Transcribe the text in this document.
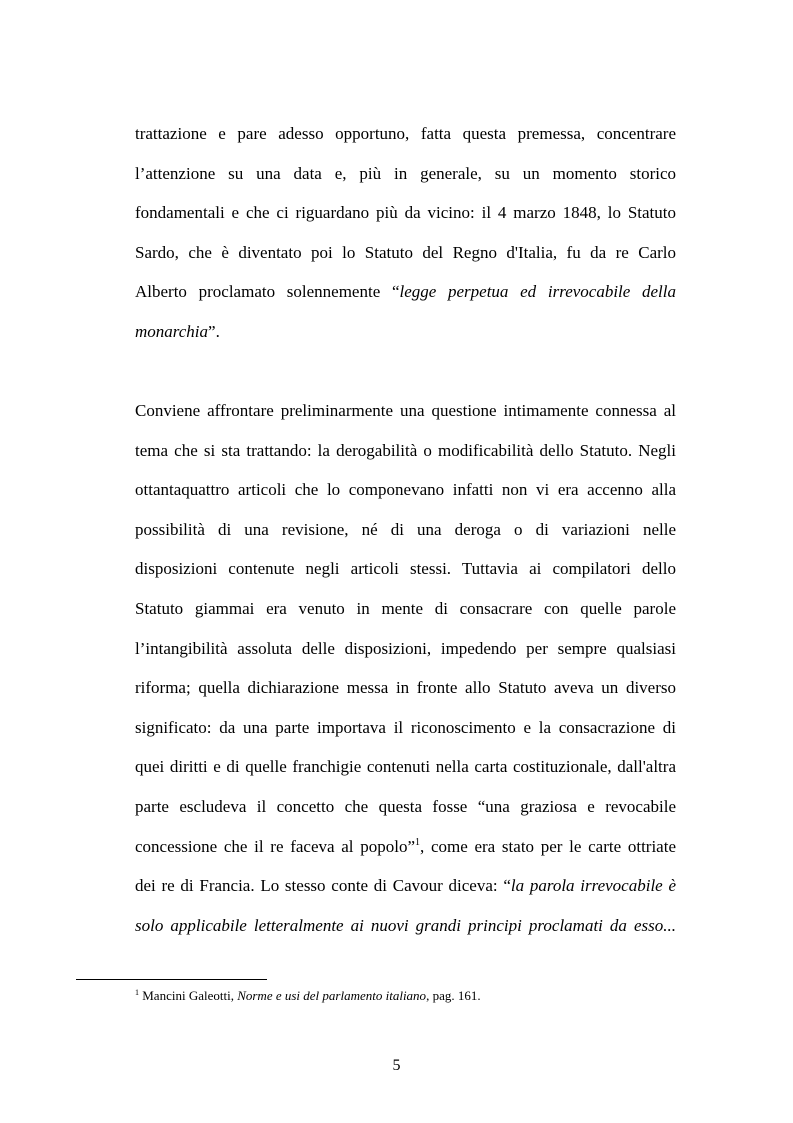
trattazione e pare adesso opportuno, fatta questa premessa, concentrare
l’attenzione su una data e, più in generale, su un momento storico
fondamentali e che ci riguardano più da vicino: il 4 marzo 1848, lo Statuto
Sardo, che è diventato poi lo Statuto del Regno d'Italia, fu da re Carlo
Alberto proclamato solennemente “legge perpetua ed irrevocabile della
monarchia”.
Conviene affrontare preliminarmente una questione intimamente connessa al
tema che si sta trattando: la derogabilità o modificabilità dello Statuto. Negli
ottantaquattro articoli che lo componevano infatti non vi era accenno alla
possibilità di una revisione, né di una deroga o di variazioni nelle
disposizioni contenute negli articoli stessi. Tuttavia ai compilatori dello
Statuto giammai era venuto in mente di consacrare con quelle parole
l’intangibilità assoluta delle disposizioni, impedendo per sempre qualsiasi
riforma; quella dichiarazione messa in fronte allo Statuto aveva un diverso
significato: da una parte importava il riconoscimento e la consacrazione di
quei diritti e di quelle franchigie contenuti nella carta costituzionale, dall'altra
parte escludeva il concetto che questa fosse “una graziosa e revocabile
concessione che il re faceva al popolo”$^1$, come era stato per le carte ottriate
dei re di Francia. Lo stesso conte di Cavour diceva: “la parola irrevocabile è
solo applicabile letteralmente ai nuovi grandi principi proclamati da esso...
$^1$ Mancini Galeotti, Norme e usi del parlamento italiano, pag. 161.
5
